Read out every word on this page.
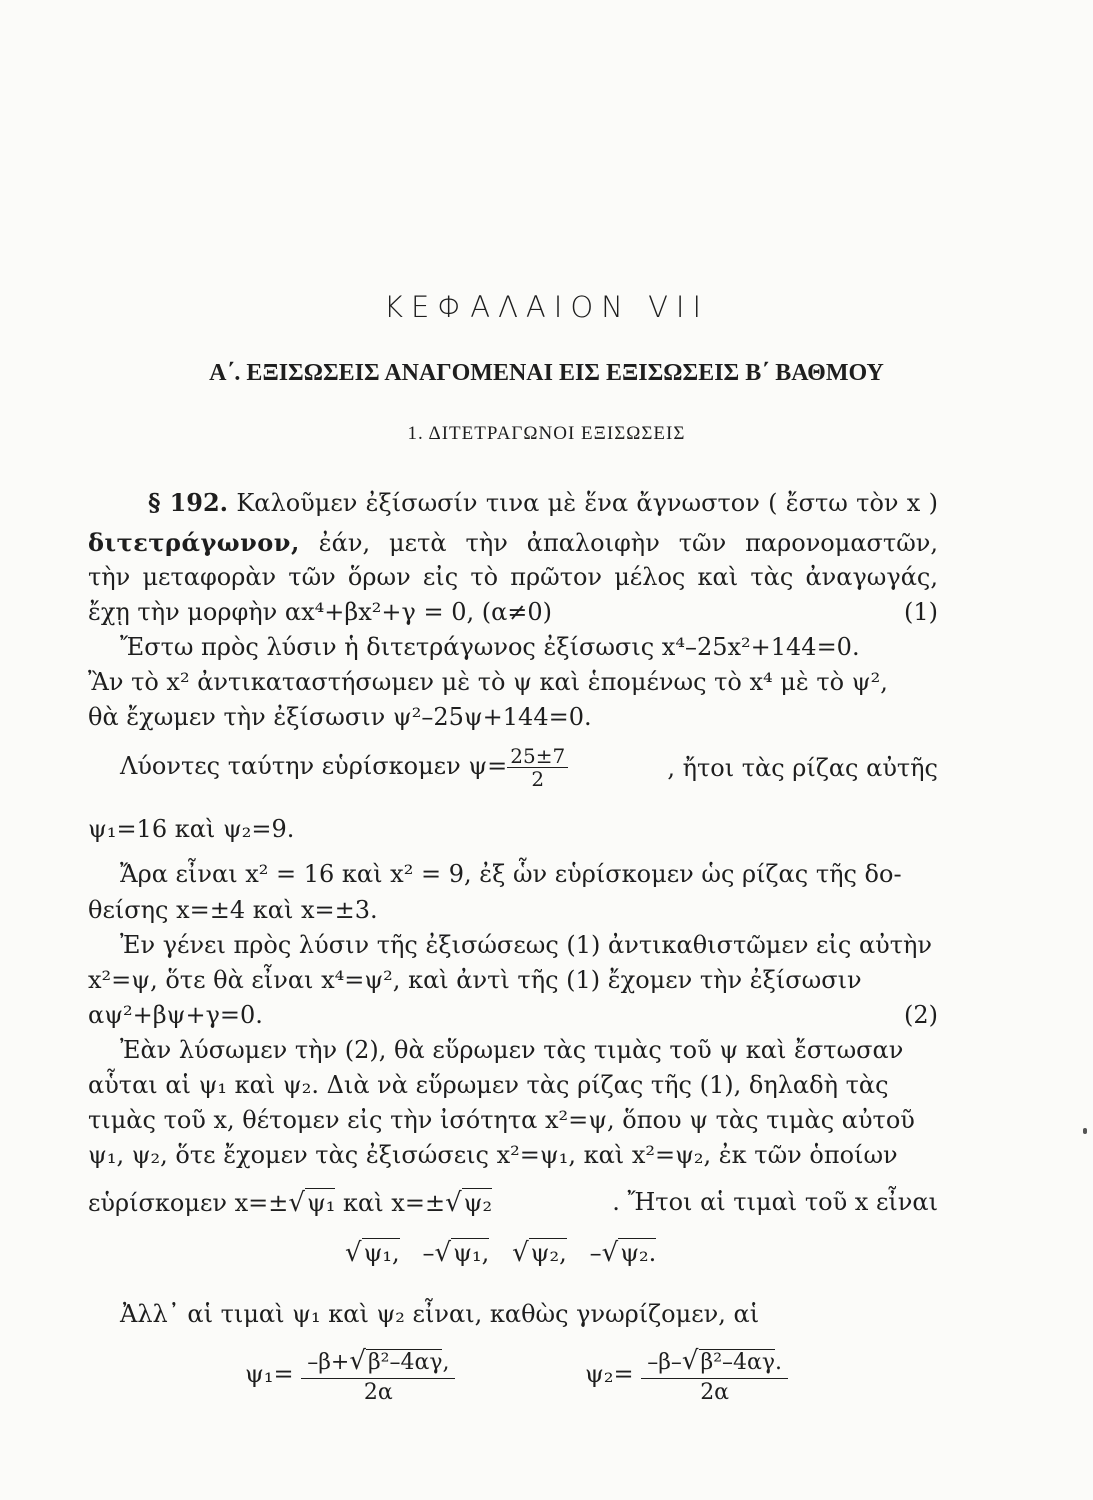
ΚΕΦΑΛΑΙΟΝ VII
Α΄. ΕΞΙΣΩΣΕΙΣ ΑΝΑΓΟΜΕΝΑΙ ΕΙΣ ΕΞΙΣΩΣΕΙΣ Β΄ ΒΑΘΜΟΥ
1. ΔΙΤΕΤΡΑΓΩΝΟΙ ΕΞΙΣΩΣΕΙΣ
§ 192. Καλοῦμεν ἐξίσωσίν τινα μὲ ἕνα ἄγνωστον ( ἔστω τὸν x )
διτετράγωνον, ἐάν, μετὰ τὴν ἀπαλοιφὴν τῶν παρονομαστῶν,
τὴν μεταφορὰν τῶν ὅρων εἰς τὸ πρῶτον μέλος καὶ τὰς ἀναγωγάς,
ἔχῃ τὴν μορφὴν αx⁴+βx²+γ = 0, (α≠0)	(1)
Ἔστω πρὸς λύσιν ἡ διτετράγωνος ἐξίσωσις x⁴–25x²+144=0.
Ἂν τὸ x² ἀντικαταστήσωμεν μὲ τὸ ψ καὶ ἑπομένως τὸ x⁴ μὲ τὸ ψ²,
θὰ ἔχωμεν τὴν ἐξίσωσιν ψ²–25ψ+144=0.
Λύοντες ταύτην εὑρίσκομεν $\psi= \frac{25\pm 7}{2}$	, ἤτοι τὰς ρίζας αὐτῆς
ψ₁=16 καὶ ψ₂=9.
Ἄρα εἶναι x² = 16 καὶ x² = 9, ἐξ ὧν εὑρίσκομεν ὡς ρίζας τῆς δο-
θείσης x=±4 καὶ x=±3.
Ἐν γένει πρὸς λύσιν τῆς ἐξισώσεως (1) ἀντικαθιστῶμεν εἰς αὐτὴν
x²=ψ, ὅτε θὰ εἶναι x⁴=ψ², καὶ ἀντὶ τῆς (1) ἔχομεν τὴν ἐξίσωσιν
αψ²+βψ+γ=0.	(2)
Ἐὰν λύσωμεν τὴν (2), θὰ εὕρωμεν τὰς τιμὰς τοῦ ψ καὶ ἔστωσαν
αὗται αἱ ψ₁ καὶ ψ₂. Διὰ νὰ εὕρωμεν τὰς ρίζας τῆς (1), δηλαδὴ τὰς
τιμὰς τοῦ x, θέτομεν εἰς τὴν ἰσότητα x²=ψ, ὅπου ψ τὰς τιμὰς αὐτοῦ
ψ₁, ψ₂, ὅτε ἔχομεν τὰς ἐξισώσεις x²=ψ₁, καὶ x²=ψ₂, ἐκ τῶν ὁποίων
εὑρίσκομεν x=±√ψ₁ καὶ x=±√ψ₂	. Ἤτοι αἱ τιμαὶ τοῦ x εἶναι
√ψ₁,   –√ψ₁, √ψ₂,   –√ψ₂.
Ἀλλ᾽ αἱ τιμαὶ ψ₁ καὶ ψ₂ εἶναι, καθὼς γνωρίζομεν, αἱ
$\psi_1= \frac{\text{–β+√β²–4αγ,}}{2\alpha}$	$\psi_2= \frac{\text{–β–√β²–4αγ.}}{2\alpha}$
